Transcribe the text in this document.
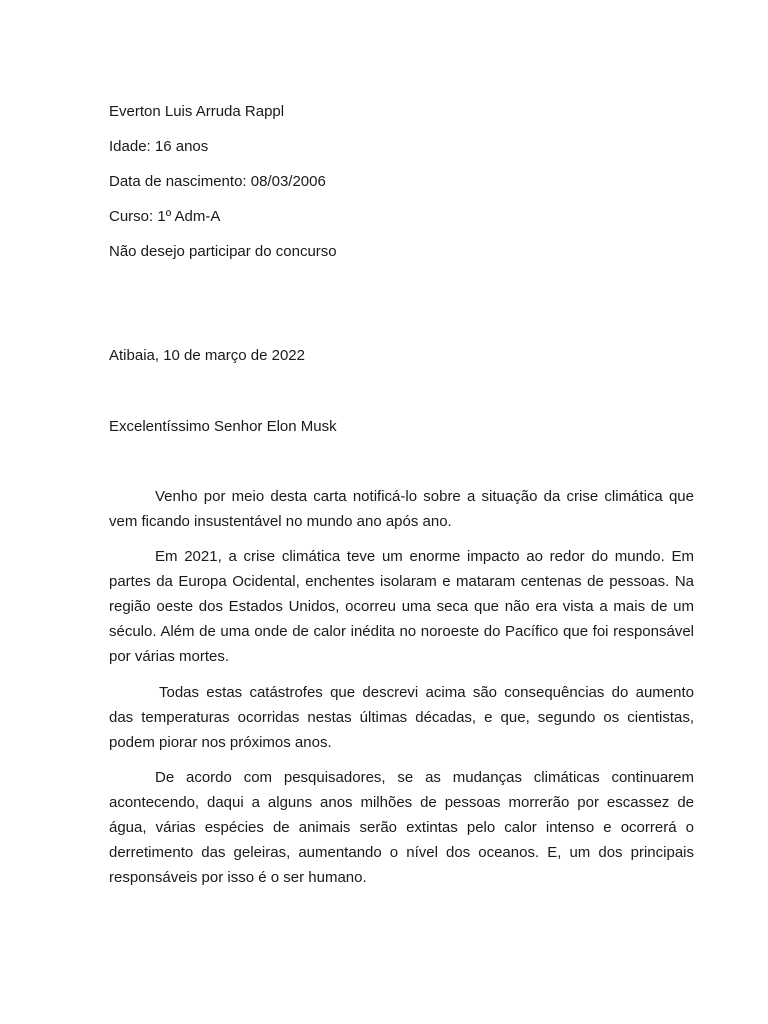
Everton Luis Arruda Rappl

Idade: 16 anos

Data de nascimento: 08/03/2006

Curso: 1º Adm-A

Não desejo participar do concurso

Atibaia, 10 de março de 2022

Excelentíssimo Senhor Elon Musk

Venho por meio desta carta notificá-lo sobre a situação da crise climática que vem ficando insustentável no mundo ano após ano.

Em 2021, a crise climática teve um enorme impacto ao redor do mundo. Em partes da Europa Ocidental, enchentes isolaram e mataram centenas de pessoas. Na região oeste dos Estados Unidos, ocorreu uma seca que não era vista a mais de um século. Além de uma onde de calor inédita no noroeste do Pacífico que foi responsável por várias mortes.

Todas estas catástrofes que descrevi acima são consequências do aumento das temperaturas ocorridas nestas últimas décadas, e que, segundo os cientistas, podem piorar nos próximos anos.

De acordo com pesquisadores, se as mudanças climáticas continuarem acontecendo, daqui a alguns anos milhões de pessoas morrerão por escassez de água, várias espécies de animais serão extintas pelo calor intenso e ocorrerá o derretimento das geleiras, aumentando o nível dos oceanos. E, um dos principais responsáveis por isso é o ser humano.
